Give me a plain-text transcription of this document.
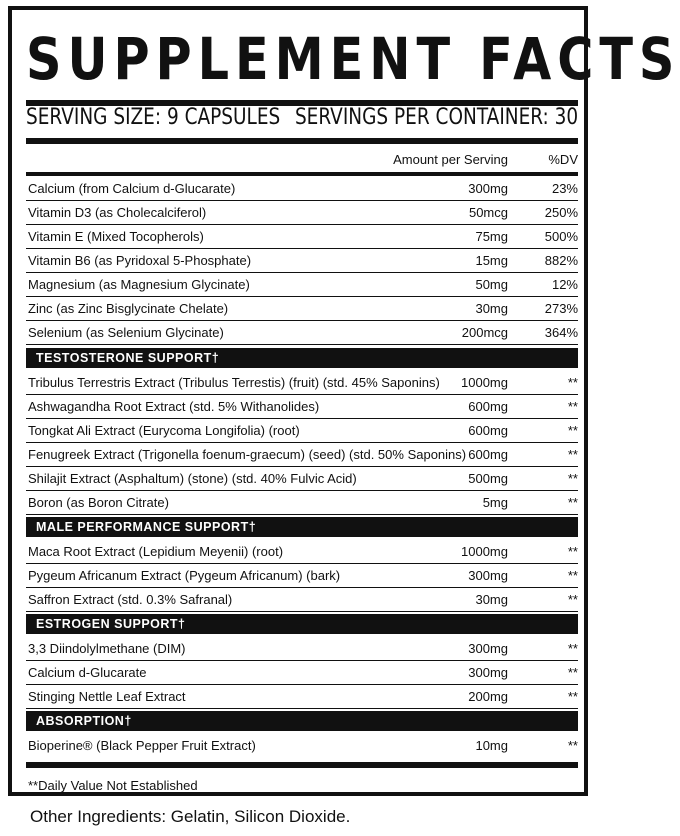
SUPPLEMENT FACTS
SERVING SIZE: 9 CAPSULES SERVINGS PER CONTAINER: 30
Amount per Serving	%DV
Calcium (from Calcium d-Glucarate)	300mg	23%
Vitamin D3 (as Cholecalciferol)	50mcg	250%
Vitamin E (Mixed Tocopherols)	75mg	500%
Vitamin B6 (as Pyridoxal 5-Phosphate)	15mg	882%
Magnesium (as Magnesium Glycinate)	50mg	12%
Zinc (as Zinc Bisglycinate Chelate)	30mg	273%
Selenium (as Selenium Glycinate)	200mcg	364%
TESTOSTERONE SUPPORT†
Tribulus Terrestris Extract (Tribulus Terrestis) (fruit) (std. 45% Saponins) 1000mg	**
Ashwagandha Root Extract (std. 5% Withanolides)	600mg	**
Tongkat Ali Extract (Eurycoma Longifolia) (root)	600mg	**
Fenugreek Extract (Trigonella foenum-graecum) (seed) (std. 50% Saponins) 600mg	**
Shilajit Extract (Asphaltum) (stone) (std. 40% Fulvic Acid)	500mg	**
Boron (as Boron Citrate)	5mg	**
MALE PERFORMANCE SUPPORT†
Maca Root Extract (Lepidium Meyenii) (root)	1000mg	**
Pygeum Africanum Extract (Pygeum Africanum) (bark)	300mg	**
Saffron Extract (std. 0.3% Safranal)	30mg	**
ESTROGEN SUPPORT†
3,3 Diindolylmethane (DIM)	300mg	**
Calcium d-Glucarate	300mg	**
Stinging Nettle Leaf Extract	200mg	**
ABSORPTION†
Bioperine® (Black Pepper Fruit Extract)	10mg	**
**Daily Value Not Established
Other Ingredients: Gelatin, Silicon Dioxide.
